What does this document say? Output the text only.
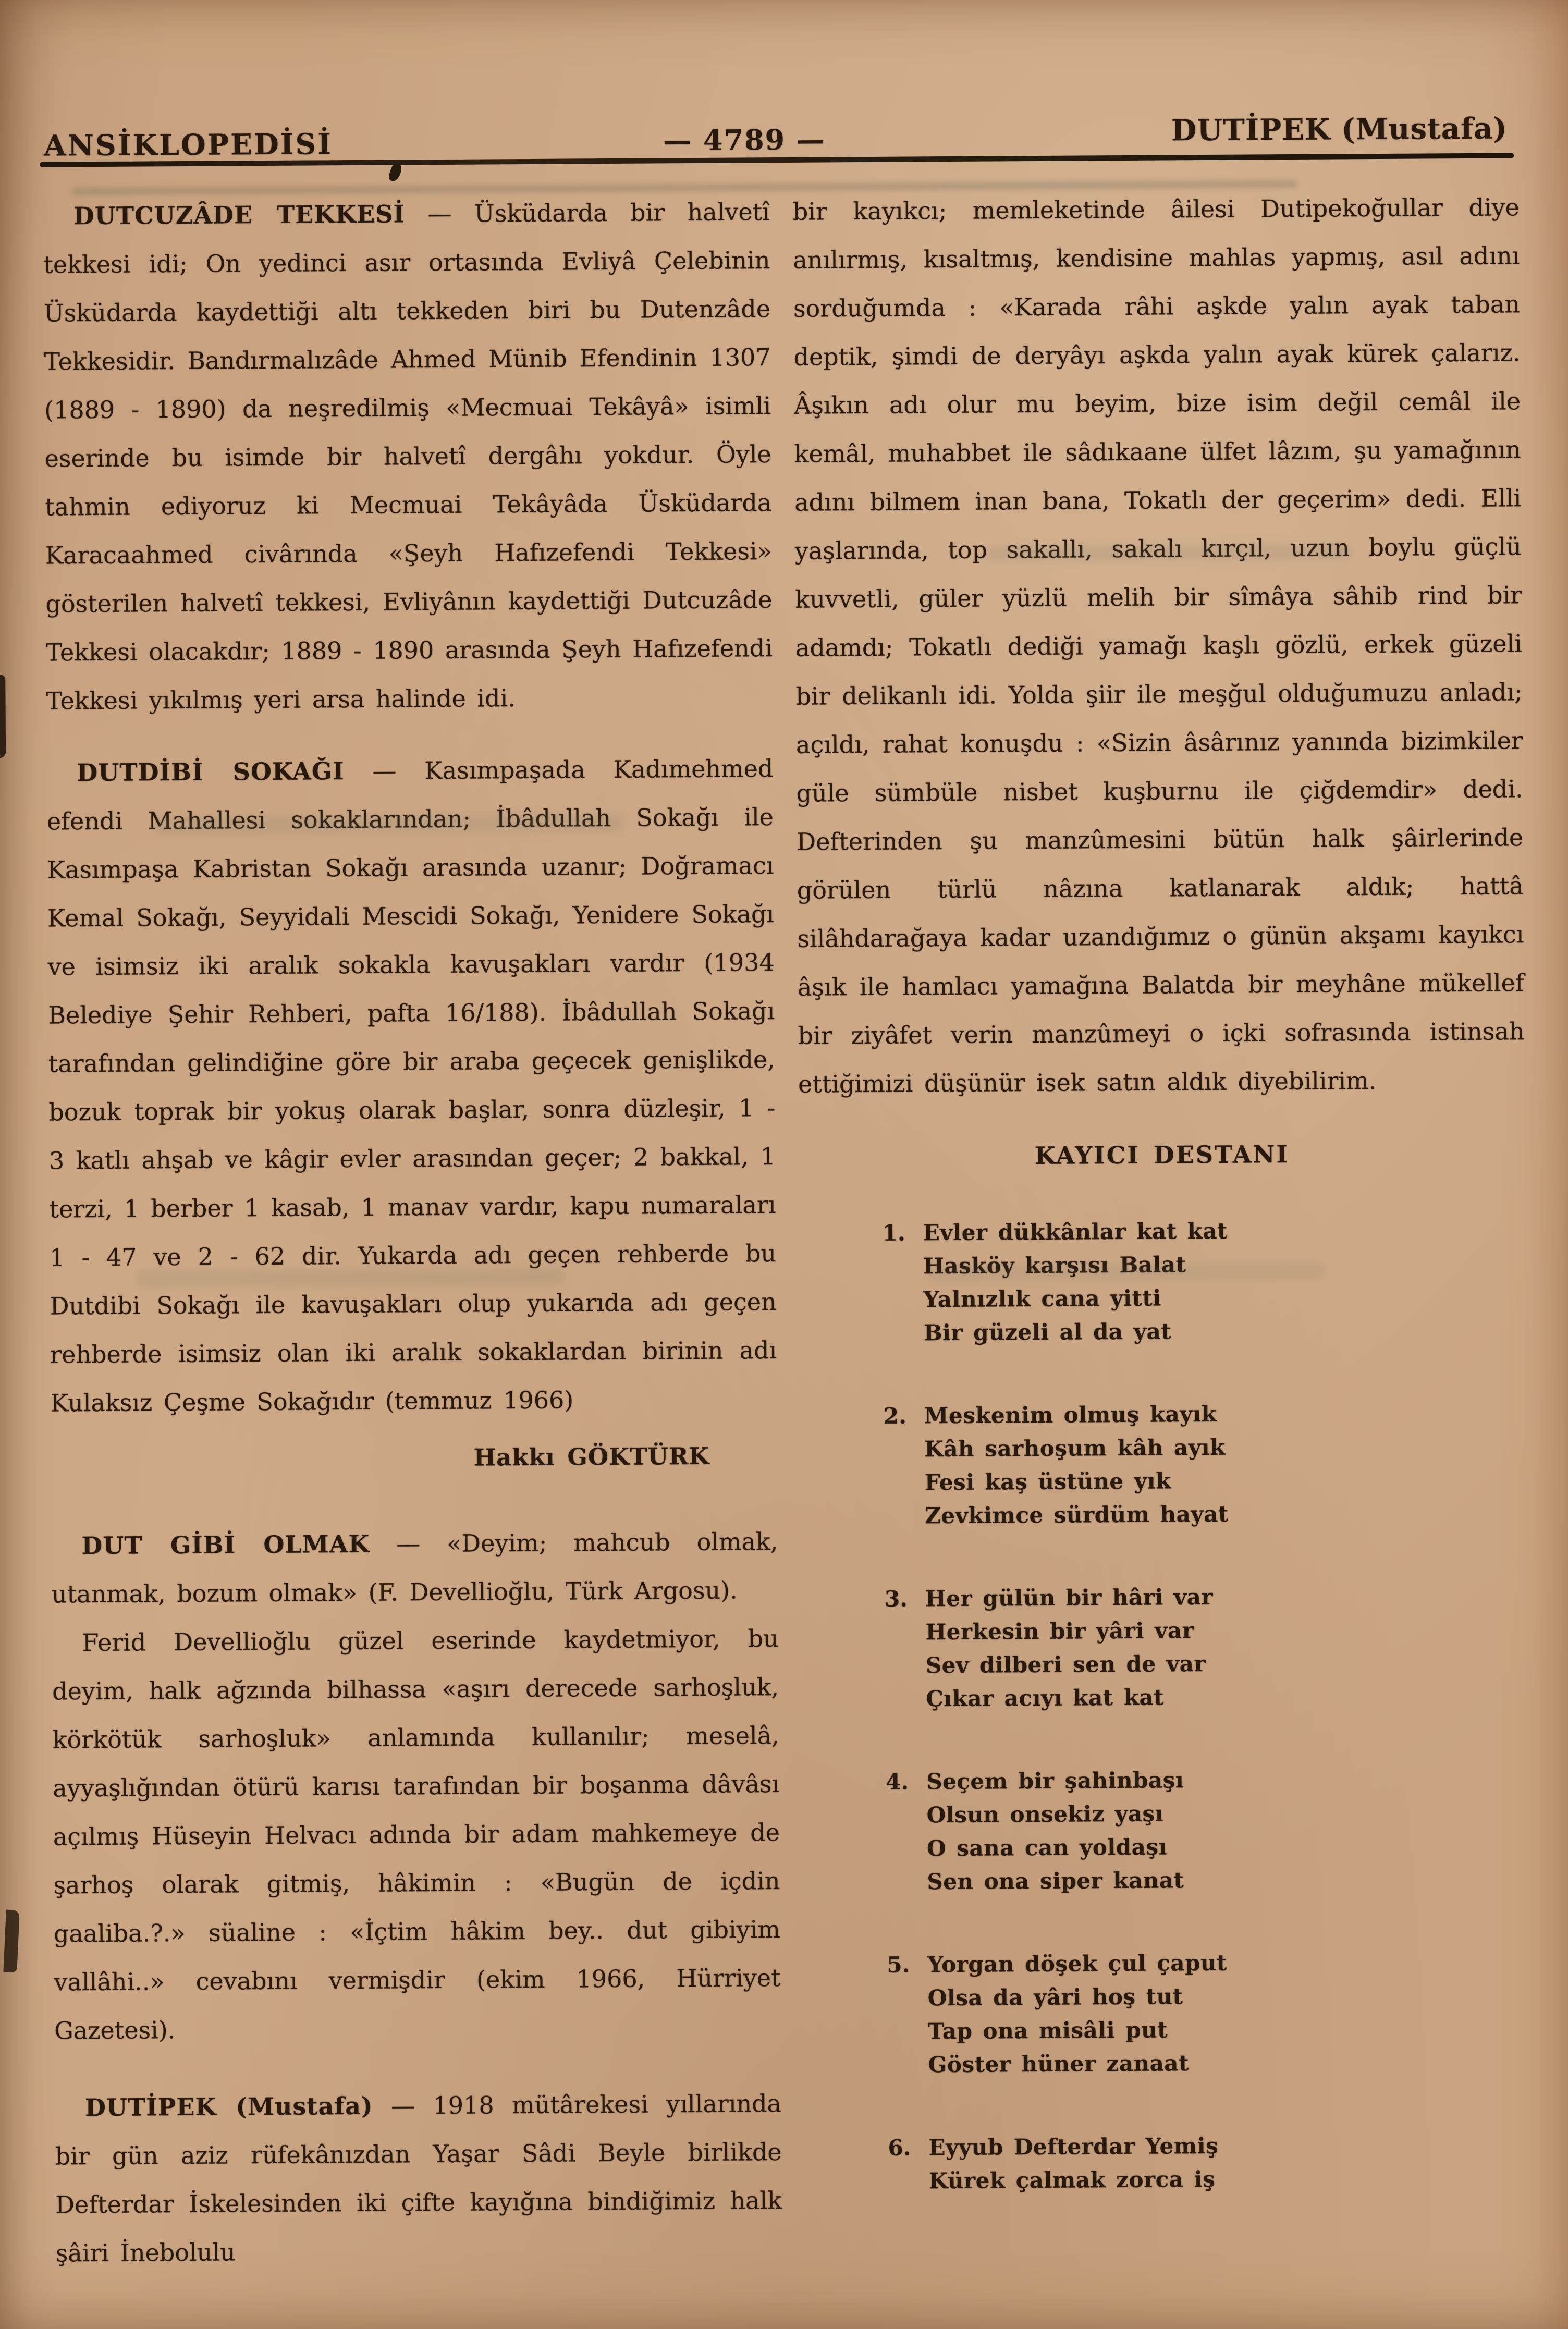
ANSİKLOPEDİSİ	— 4789 —	DUTİPEK (Mustafa)

DUTCUZÂDE TEKKESİ — Üsküdarda bir halvetî tekkesi idi; On yedinci asır ortasında Evliyâ Çelebinin Üsküdarda kaydettiği altı tekkeden biri bu Dutenzâde Tekkesidir. Bandırmalızâde Ahmed Münib Efendinin 1307 (1889 - 1890) da neşredilmiş «Mecmuai Tekâyâ» isimli eserinde bu isimde bir halvetî dergâhı yokdur. Öyle tahmin ediyoruz ki Mecmuai Tekâyâda Üsküdarda Karacaahmed civârında «Şeyh Hafızefendi Tekkesi» gösterilen halvetî tekkesi, Evliyânın kaydettiği Dutcuzâde Tekkesi olacakdır; 1889 - 1890 arasında Şeyh Hafızefendi Tekkesi yıkılmış yeri arsa halinde idi.

DUTDİBİ SOKAĞI — Kasımpaşada Kadımehmed efendi Mahallesi sokaklarından; İbâdullah Sokağı ile Kasımpaşa Kabristan Sokağı arasında uzanır; Doğramacı Kemal Sokağı, Seyyidali Mescidi Sokağı, Yenidere Sokağı ve isimsiz iki aralık sokakla kavuşakları vardır (1934 Belediye Şehir Rehberi, pafta 16/188). İbâdullah Sokağı tarafından gelindiğine göre bir araba geçecek genişlikde, bozuk toprak bir yokuş olarak başlar, sonra düzleşir, 1 - 3 katlı ahşab ve kâgir evler arasından geçer; 2 bakkal, 1 terzi, 1 berber 1 kasab, 1 manav vardır, kapu numaraları 1 - 47 ve 2 - 62 dir. Yukarda adı geçen rehberde bu Dutdibi Sokağı ile kavuşakları olup yukarıda adı geçen rehberde isimsiz olan iki aralık sokaklardan birinin adı Kulaksız Çeşme Sokağıdır (temmuz 1966)

Hakkı GÖKTÜRK

DUT GİBİ OLMAK — «Deyim; mahcub olmak, utanmak, bozum olmak» (F. Devellioğlu, Türk Argosu).

Ferid Devellioğlu güzel eserinde kaydetmiyor, bu deyim, halk ağzında bilhassa «aşırı derecede sarhoşluk, körkötük sarhoşluk» anlamında kullanılır; meselâ, ayyaşlığından ötürü karısı tarafından bir boşanma dâvâsı açılmış Hüseyin Helvacı adında bir adam mahkemeye de şarhoş olarak gitmiş, hâkimin : «Bugün de içdin gaaliba.?.» süaline : «İçtim hâkim bey.. dut gibiyim vallâhi..» cevabını vermişdir (ekim 1966, Hürriyet Gazetesi).

DUTİPEK (Mustafa) — 1918 mütârekesi yıllarında bir gün aziz rüfekânızdan Yaşar Sâdi Beyle birlikde Defterdar İskelesinden iki çifte kayığına bindiğimiz halk şâiri İnebolulu

bir kayıkcı; memleketinde âilesi Dutipekoğullar diye anılırmış, kısaltmış, kendisine mahlas yapmış, asıl adını sorduğumda : «Karada râhi aşkde yalın ayak taban deptik, şimdi de deryâyı aşkda yalın ayak kürek çalarız. Âşıkın adı olur mu beyim, bize isim değil cemâl ile kemâl, muhabbet ile sâdıkaane ülfet lâzım, şu yamağının adını bilmem inan bana, Tokatlı der geçerim» dedi. Elli yaşlarında, top sakallı, sakalı kırçıl, uzun boylu güçlü kuvvetli, güler yüzlü melih bir sîmâya sâhib rind bir adamdı; Tokatlı dediği yamağı kaşlı gözlü, erkek güzeli bir delikanlı idi. Yolda şiir ile meşğul olduğumuzu anladı; açıldı, rahat konuşdu : «Sizin âsârınız yanında bizimkiler güle sümbüle nisbet kuşburnu ile çiğdemdir» dedi. Defterinden şu manzûmesini bütün halk şâirlerinde görülen türlü nâzına katlanarak aldık; hattâ silâhdarağaya kadar uzandığımız o günün akşamı kayıkcı âşık ile hamlacı yamağına Balatda bir meyhâne mükellef bir ziyâfet verin manzûmeyi o içki sofrasında istinsah ettiğimizi düşünür isek satın aldık diyebilirim.

KAYICI DESTANI
1. Evler dükkânlar kat kat
Hasköy karşısı Balat
Yalnızlık cana yitti
Bir güzeli al da yat
2. Meskenim olmuş kayık
Kâh sarhoşum kâh ayık
Fesi kaş üstüne yık
Zevkimce sürdüm hayat
3. Her gülün bir hâri var
Herkesin bir yâri var
Sev dilberi sen de var
Çıkar acıyı kat kat
4. Seçem bir şahinbaşı
Olsun onsekiz yaşı
O sana can yoldaşı
Sen ona siper kanat
5. Yorgan döşek çul çaput
Olsa da yâri hoş tut
Tap ona misâli put
Göster hüner zanaat
6. Eyyub Defterdar Yemiş
Kürek çalmak zorca iş
